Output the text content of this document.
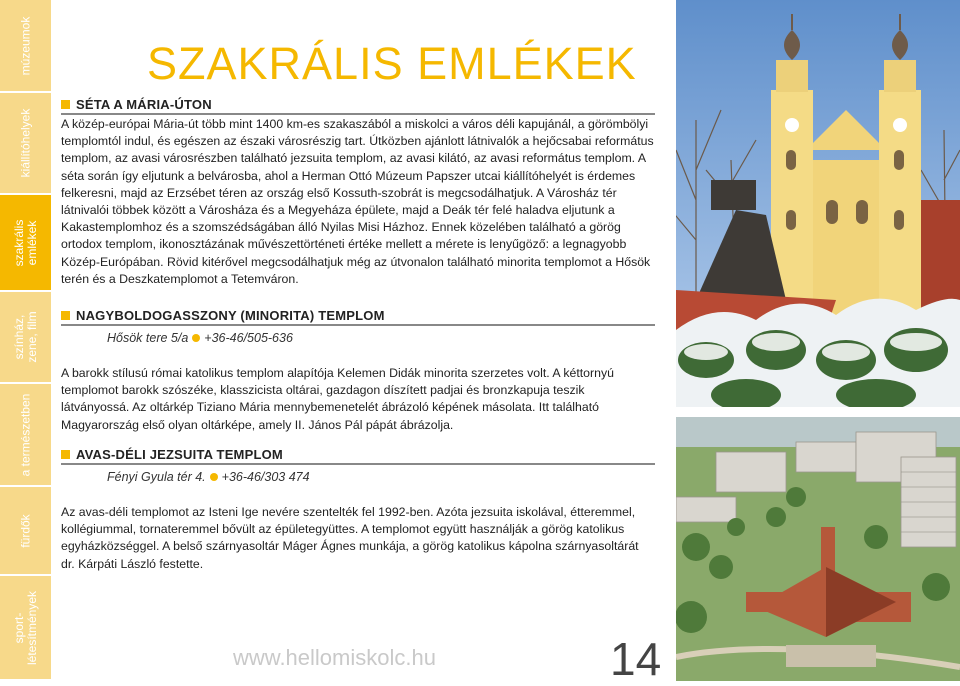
múzeumok
kiállítóhelyek
szakrális
emlékek
színház,
zene, film
a természetben
fürdők
sport-
létesítmények
SZAKRÁLIS EMLÉKEK
SÉTA A MÁRIA-ÚTON

A közép-európai Mária-út több mint 1400 km-es szakaszából a miskolci a város déli kapujánál, a görömbölyi templomtól indul, és egészen az északi városrészig tart. Útközben ajánlott látnivalók a hejőcsabai református templom, az avasi városrészben található jezsuita templom, az avasi kilátó, az avasi református templom. A séta során így eljutunk a belvárosba, ahol a Herman Ottó Múzeum Papszer utcai kiállítóhelyét is érdemes felkeresni, majd az Erzsébet téren az ország első Kossuth-szobrát is megcsodálhatjuk. A Városház tér látnivalói többek között a Városháza és a Megyeháza épülete, majd a Deák tér felé haladva eljutunk a Kakastemplomhoz és a szomszédságában álló Nyilas Misi Házhoz. Ennek közelében található a görög ortodox templom, ikonosztázának művészettörténeti értéke mellett a mérete is lenyűgöző: a legnagyobb Közép-Európában. Rövid kitérővel megcsodálhatjuk még az útvonalon található minorita templomot a Hősök terén és a Deszkatemplomot a Tetemváron.

NAGYBOLDOGASSZONY (MINORITA) TEMPLOM
Hősök tere 5/a +36-46/505-636

A barokk stílusú római katolikus templom alapítója Kelemen Didák minorita szerzetes volt. A kéttornyú templomot barokk szószéke, klasszicista oltárai, gazdagon díszített padjai és bronzkapuja teszik látványossá. Az oltárkép Tiziano Mária mennybemenetelét ábrázoló képének másolata. Itt található Magyarország első olyan oltárképe, amely II. János Pál pápát ábrázolja.

AVAS-DÉLI JEZSUITA TEMPLOM
Fényi Gyula tér 4. +36-46/303 474

Az avas-déli templomot az Isteni Ige nevére szentelték fel 1992-ben. Azóta jezsuita iskolával, étteremmel, kollégiummal, tornateremmel bővült az épületegyüttes. A templomot együtt használják a görög katolikus egyházközséggel. A belső szárnyasoltár Máger Ágnes munkája, a görög katolikus kápolna szárnyasoltárát dr. Kárpáti László festette.

www.hellomiskolc.hu	14
